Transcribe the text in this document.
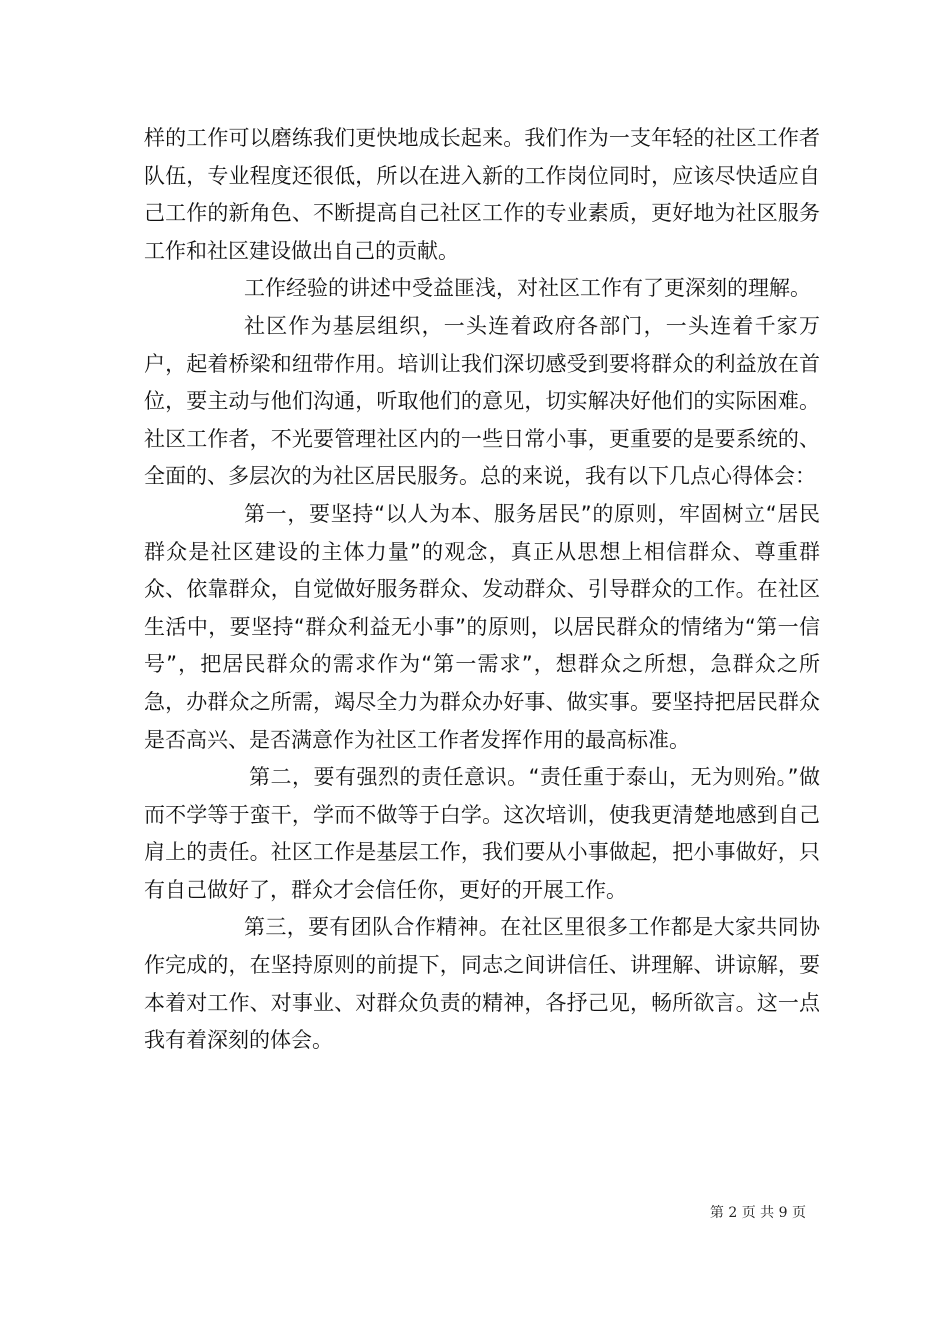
样的工作可以磨练我们更快地成长起来。我们作为一支年轻的社区工作者队伍，专业程度还很低，所以在进入新的工作岗位同时，应该尽快适应自己工作的新角色、不断提高自己社区工作的专业素质，更好地为社区服务工作和社区建设做出自己的贡献。

工作经验的讲述中受益匪浅，对社区工作有了更深刻的理解。

社区作为基层组织，一头连着政府各部门，一头连着千家万户，起着桥梁和纽带作用。培训让我们深切感受到要将群众的利益放在首位，要主动与他们沟通，听取他们的意见，切实解决好他们的实际困难。社区工作者，不光要管理社区内的一些日常小事，更重要的是要系统的、全面的、多层次的为社区居民服务。总的来说，我有以下几点心得体会：

第一，要坚持“以人为本、服务居民”的原则，牢固树立“居民群众是社区建设的主体力量”的观念，真正从思想上相信群众、尊重群众、依靠群众，自觉做好服务群众、发动群众、引导群众的工作。在社区生活中，要坚持“群众利益无小事”的原则，以居民群众的情绪为“第一信号”，把居民群众的需求作为“第一需求”，想群众之所想，急群众之所急，办群众之所需，竭尽全力为群众办好事、做实事。要坚持把居民群众是否高兴、是否满意作为社区工作者发挥作用的最高标准。

第二，要有强烈的责任意识。“责任重于泰山，无为则殆。”做而不学等于蛮干，学而不做等于白学。这次培训，使我更清楚地感到自己肩上的责任。社区工作是基层工作，我们要从小事做起，把小事做好，只有自己做好了，群众才会信任你，更好的开展工作。

第三，要有团队合作精神。在社区里很多工作都是大家共同协作完成的，在坚持原则的前提下，同志之间讲信任、讲理解、讲谅解，要本着对工作、对事业、对群众负责的精神，各抒己见，畅所欲言。这一点我有着深刻的体会。

第 2 页 共 9 页
